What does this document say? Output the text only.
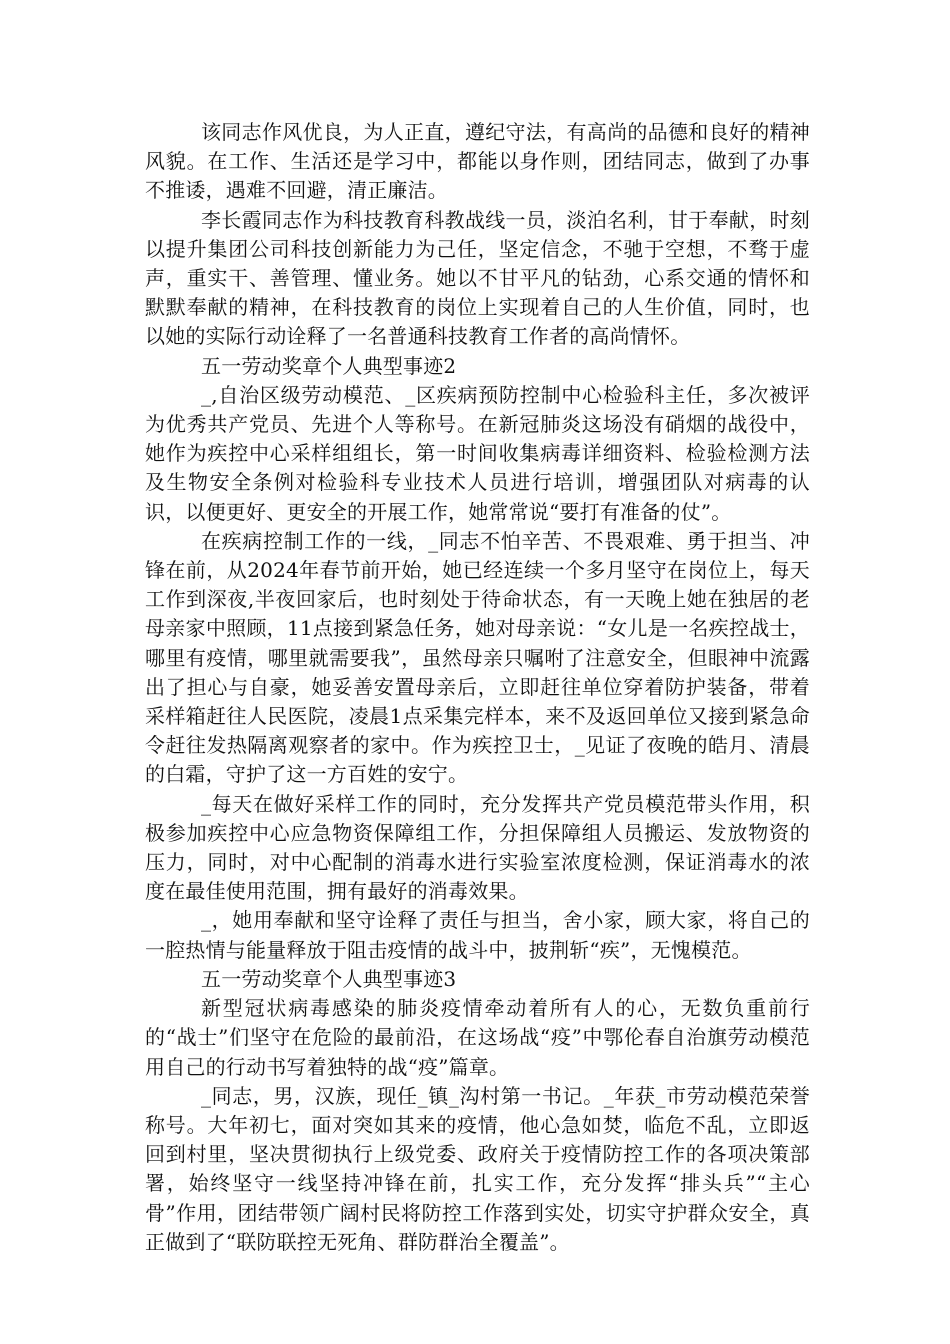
该同志作风优良，为人正直，遵纪守法，有高尚的品德和良好的精神风貌。在工作、生活还是学习中，都能以身作则，团结同志，做到了办事不推诿，遇难不回避，清正廉洁。

李长霞同志作为科技教育科教战线一员，淡泊名利，甘于奉献，时刻以提升集团公司科技创新能力为己任，坚定信念，不驰于空想，不骛于虚声，重实干、善管理、懂业务。她以不甘平凡的钻劲，心系交通的情怀和默默奉献的精神，在科技教育的岗位上实现着自己的人生价值，同时，也以她的实际行动诠释了一名普通科技教育工作者的高尚情怀。

五一劳动奖章个人典型事迹2

_,自治区级劳动模范、_区疾病预防控制中心检验科主任，多次被评为优秀共产党员、先进个人等称号。在新冠肺炎这场没有硝烟的战役中，她作为疾控中心采样组组长，第一时间收集病毒详细资料、检验检测方法及生物安全条例对检验科专业技术人员进行培训，增强团队对病毒的认识，以便更好、更安全的开展工作，她常常说“要打有准备的仗”。

在疾病控制工作的一线，_同志不怕辛苦、不畏艰难、勇于担当、冲锋在前，从2024年春节前开始，她已经连续一个多月坚守在岗位上，每天工作到深夜,半夜回家后，也时刻处于待命状态，有一天晚上她在独居的老母亲家中照顾，11点接到紧急任务，她对母亲说：“女儿是一名疾控战士，哪里有疫情，哪里就需要我”，虽然母亲只嘱咐了注意安全，但眼神中流露出了担心与自豪，她妥善安置母亲后，立即赶往单位穿着防护装备，带着采样箱赶往人民医院，凌晨1点采集完样本，来不及返回单位又接到紧急命令赶往发热隔离观察者的家中。作为疾控卫士，_见证了夜晚的皓月、清晨的白霜，守护了这一方百姓的安宁。

_每天在做好采样工作的同时，充分发挥共产党员模范带头作用，积极参加疾控中心应急物资保障组工作，分担保障组人员搬运、发放物资的压力，同时，对中心配制的消毒水进行实验室浓度检测，保证消毒水的浓度在最佳使用范围，拥有最好的消毒效果。

_，她用奉献和坚守诠释了责任与担当，舍小家，顾大家，将自己的一腔热情与能量释放于阻击疫情的战斗中，披荆斩“疾”，无愧模范。

五一劳动奖章个人典型事迹3

新型冠状病毒感染的肺炎疫情牵动着所有人的心，无数负重前行的“战士”们坚守在危险的最前沿，在这场战“疫”中鄂伦春自治旗劳动模范用自己的行动书写着独特的战“疫”篇章。

_同志，男，汉族，现任_镇_沟村第一书记。_年获_市劳动模范荣誉称号。大年初七，面对突如其来的疫情，他心急如焚，临危不乱，立即返回到村里，坚决贯彻执行上级党委、政府关于疫情防控工作的各项决策部署，始终坚守一线坚持冲锋在前，扎实工作，充分发挥“排头兵”“主心骨”作用，团结带领广阔村民将防控工作落到实处，切实守护群众安全，真正做到了“联防联控无死角、群防群治全覆盖”。
